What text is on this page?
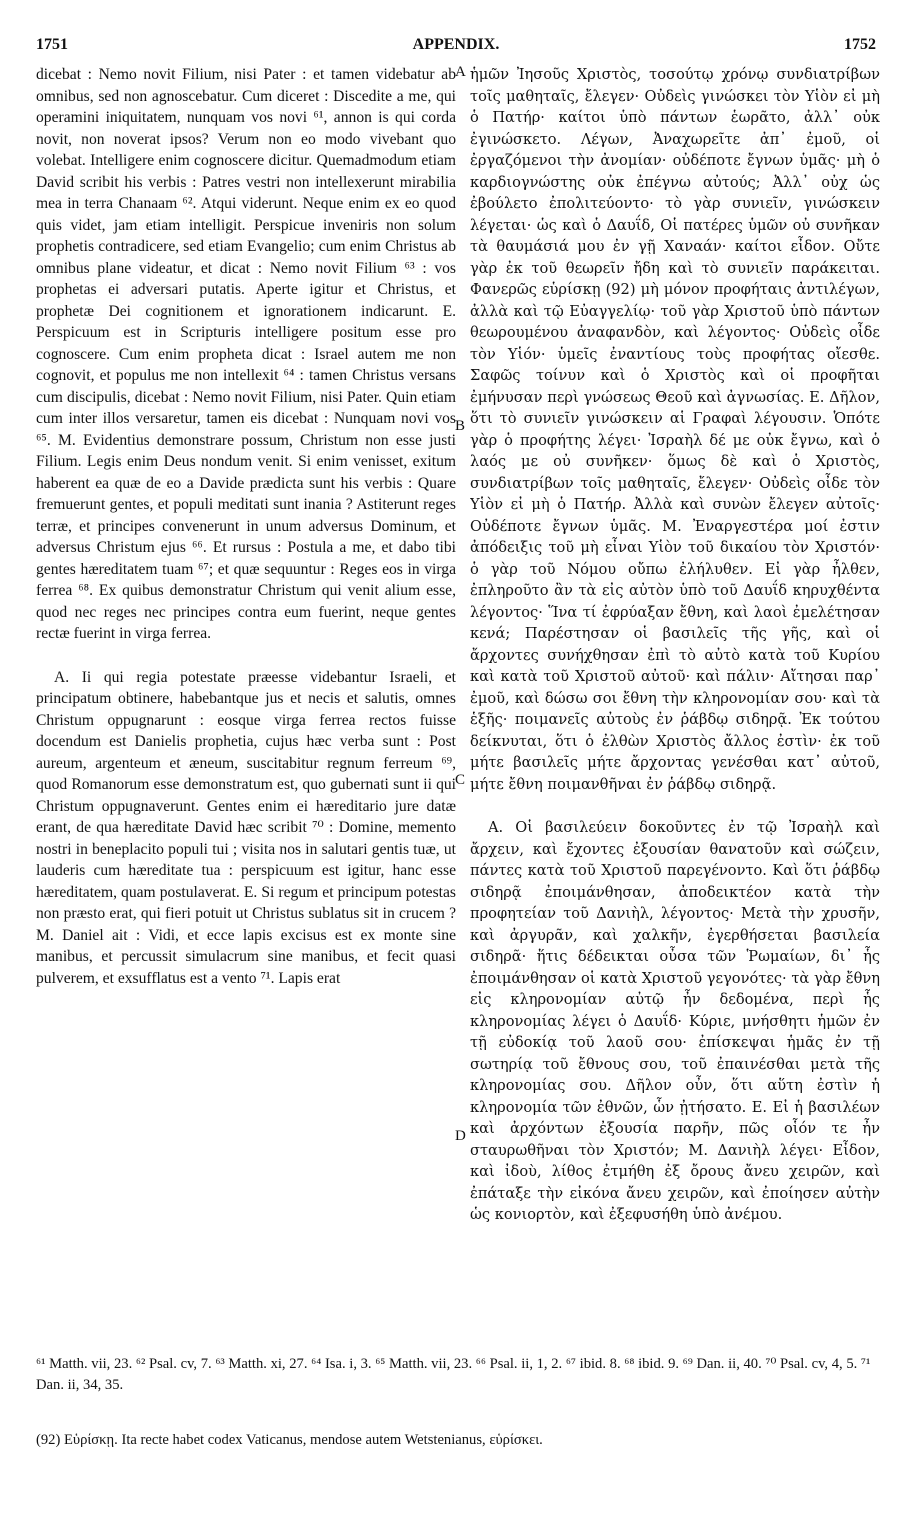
1751	APPENDIX.	1752

dicebat : Nemo novit Filium, nisi Pater : et tamen videbatur ab omnibus, sed non agnoscebatur. Cum diceret : Discedite a me, qui operamini iniquitatem, nunquam vos novi ⁶¹, annon is qui corda novit, non noverat ipsos? Verum non eo modo vivebant quo volebat. Intelligere enim cognoscere dicitur. Quemadmodum etiam David scribit his verbis : Patres vestri non intellexerunt mirabilia mea in terra Chanaam ⁶². Atqui viderunt. Neque enim ex eo quod quis videt, jam etiam intelligit. Perspicue inveniris non solum prophetis contradicere, sed etiam Evangelio; cum enim Christus ab omnibus plane videatur, et dicat : Nemo novit Filium ⁶³ : vos prophetas ei adversari putatis. Aperte igitur et Christus, et prophetæ Dei cognitionem et ignorationem indicarunt. E. Perspicuum est in Scripturis intelligere positum esse pro cognoscere. Cum enim propheta dicat : Israel autem me non cognovit, et populus me non intellexit ⁶⁴ : tamen Christus versans cum discipulis, dicebat : Nemo novit Filium, nisi Pater. Quin etiam cum inter illos versaretur, tamen eis dicebat : Nunquam novi vos ⁶⁵. M. Evidentius demonstrare possum, Christum non esse justi Filium. Legis enim Deus nondum venit. Si enim venisset, exitum haberent ea quæ de eo a Davide prædicta sunt his verbis : Quare fremuerunt gentes, et populi meditati sunt inania ? Astiterunt reges terræ, et principes convenerunt in unum adversus Dominum, et adversus Christum ejus ⁶⁶. Et rursus : Postula a me, et dabo tibi gentes hæreditatem tuam ⁶⁷; et quæ sequuntur : Reges eos in virga ferrea ⁶⁸. Ex quibus demonstratur Christum qui venit alium esse, quod nec reges nec principes contra eum fuerint, neque gentes rectæ fuerint in virga ferrea.

A. Ii qui regia potestate præesse videbantur Israeli, et principatum obtinere, habebantque jus et necis et salutis, omnes Christum oppugnarunt : eosque virga ferrea rectos fuisse docendum est Danielis prophetia, cujus hæc verba sunt : Post aureum, argenteum et æneum, suscitabitur regnum ferreum ⁶⁹, quod Romanorum esse demonstratum est, quo gubernati sunt ii qui Christum oppugnaverunt. Gentes enim ei hæreditario jure datæ erant, de qua hæreditate David hæc scribit ⁷⁰ : Domine, memento nostri in beneplacito populi tui ; visita nos in salutari gentis tuæ, ut lauderis cum hæreditate tua : perspicuum est igitur, hanc esse hæreditatem, quam postulaverat. E. Si regum et principum potestas non præsto erat, qui fieri potuit ut Christus sublatus sit in crucem ? M. Daniel ait : Vidi, et ecce lapis excisus est ex monte sine manibus, et percussit simulacrum sine manibus, et fecit quasi pulverem, et exsufflatus est a vento ⁷¹. Lapis erat

ἡμῶν Ἰησοῦς Χριστὸς, τοσούτῳ χρόνῳ συνδιατρίβων τοῖς μαθηταῖς, ἔλεγεν· Οὐδεὶς γινώσκει τὸν Υἱὸν εἰ μὴ ὁ Πατήρ· καίτοι ὑπὸ πάντων ἑωρᾶτο, ἀλλ᾽ οὐκ ἐγινώσκετο. Λέγων, Ἀναχωρεῖτε ἀπ᾽ ἐμοῦ, οἱ ἐργαζόμενοι τὴν ἀνομίαν· οὐδέποτε ἔγνων ὑμᾶς· μὴ ὁ καρδιογνώστης οὐκ ἐπέγνω αὐτούς; Ἀλλ᾽ οὐχ ὡς ἐβούλετο ἐπολιτεύοντο· τὸ γὰρ συνιεῖν, γινώσκειν λέγεται· ὡς καὶ ὁ Δαυΐδ, Οἱ πατέρες ὑμῶν οὐ συνῆκαν τὰ θαυμάσιά μου ἐν γῇ Χαναάν· καίτοι εἶδον. Οὔτε γὰρ ἐκ τοῦ θεωρεῖν ἤδη καὶ τὸ συνιεῖν παράκειται. Φανερῶς εὑρίσκῃ (92) μὴ μόνον προφήταις ἀντιλέγων, ἀλλὰ καὶ τῷ Εὐαγγελίῳ· τοῦ γὰρ Χριστοῦ ὑπὸ πάντων θεωρουμένου ἀναφανδὸν, καὶ λέγοντος· Οὐδεὶς οἶδε τὸν Υἱόν· ὑμεῖς ἐναντίους τοὺς προφήτας οἴεσθε. Σαφῶς τοίνυν καὶ ὁ Χριστὸς καὶ οἱ προφῆται ἐμήνυσαν περὶ γνώσεως Θεοῦ καὶ ἀγνωσίας. Ε. Δῆλον, ὅτι τὸ συνιεῖν γινώσκειν αἱ Γραφαὶ λέγουσιν. Ὁπότε γὰρ ὁ προφήτης λέγει· Ἰσραὴλ δέ με οὐκ ἔγνω, καὶ ὁ λαός με οὐ συνῆκεν· ὅμως δὲ καὶ ὁ Χριστὸς, συνδιατρίβων τοῖς μαθηταῖς, ἔλεγεν· Οὐδεὶς οἶδε τὸν Υἱὸν εἰ μὴ ὁ Πατήρ. Ἀλλὰ καὶ συνὼν ἔλεγεν αὐτοῖς· Οὐδέποτε ἔγνων ὑμᾶς. Μ. Ἐναργεστέρα μοί ἐστιν ἀπόδειξις τοῦ μὴ εἶναι Υἱὸν τοῦ δικαίου τὸν Χριστόν· ὁ γὰρ τοῦ Νόμου οὔπω ἐλήλυθεν. Εἰ γὰρ ἦλθεν, ἐπληροῦτο ἂν τὰ εἰς αὐτὸν ὑπὸ τοῦ Δαυΐδ κηρυχθέντα λέγοντος· Ἵνα τί ἐφρύαξαν ἔθνη, καὶ λαοὶ ἐμελέτησαν κενά; Παρέστησαν οἱ βασιλεῖς τῆς γῆς, καὶ οἱ ἄρχοντες συνήχθησαν ἐπὶ τὸ αὐτὸ κατὰ τοῦ Κυρίου καὶ κατὰ τοῦ Χριστοῦ αὐτοῦ· καὶ πάλιν· Αἴτησαι παρ᾽ ἐμοῦ, καὶ δώσω σοι ἔθνη τὴν κληρονομίαν σου· καὶ τὰ ἑξῆς· ποιμανεῖς αὐτοὺς ἐν ῥάβδῳ σιδηρᾷ. Ἐκ τούτου δείκνυται, ὅτι ὁ ἐλθὼν Χριστὸς ἄλλος ἐστὶν· ἐκ τοῦ μήτε βασιλεῖς μήτε ἄρχοντας γενέσθαι κατ᾽ αὐτοῦ, μήτε ἔθνη ποιμανθῆναι ἐν ῥάβδῳ σιδηρᾷ.

Α. Οἱ βασιλεύειν δοκοῦντες ἐν τῷ Ἰσραὴλ καὶ ἄρχειν, καὶ ἔχοντες ἐξουσίαν θανατοῦν καὶ σώζειν, πάντες κατὰ τοῦ Χριστοῦ παρεγένοντο. Καὶ ὅτι ῥάβδῳ σιδηρᾷ ἐποιμάνθησαν, ἀποδεικτέον κατὰ τὴν προφητείαν τοῦ Δανιὴλ, λέγοντος· Μετὰ τὴν χρυσῆν, καὶ ἀργυρᾶν, καὶ χαλκῆν, ἐγερθήσεται βασιλεία σιδηρᾶ· ἥτις δέδεικται οὖσα τῶν Ῥωμαίων, δι᾽ ἧς ἐποιμάνθησαν οἱ κατὰ Χριστοῦ γεγονότες· τὰ γὰρ ἔθνη εἰς κληρονομίαν αὐτῷ ἦν δεδομένα, περὶ ἧς κληρονομίας λέγει ὁ Δαυΐδ· Κύριε, μνήσθητι ἡμῶν ἐν τῇ εὐδοκίᾳ τοῦ λαοῦ σου· ἐπίσκεψαι ἡμᾶς ἐν τῇ σωτηρίᾳ τοῦ ἔθνους σου, τοῦ ἐπαινέσθαι μετὰ τῆς κληρονομίας σου. Δῆλον οὖν, ὅτι αὕτη ἐστὶν ἡ κληρονομία τῶν ἐθνῶν, ὧν ᾐτήσατο. Ε. Εἰ ἡ βασιλέων καὶ ἀρχόντων ἐξουσία παρῆν, πῶς οἷόν τε ἦν σταυρωθῆναι τὸν Χριστόν; Μ. Δανιὴλ λέγει· Εἶδον, καὶ ἰδοὺ, λίθος ἐτμήθη ἐξ ὄρους ἄνευ χειρῶν, καὶ ἐπάταξε τὴν εἰκόνα ἄνευ χειρῶν, καὶ ἐποίησεν αὐτὴν ὡς κονιορτὸν, καὶ ἐξεφυσήθη ὑπὸ ἀνέμου.

A
B
C
D
⁶¹ Matth. vii, 23. ⁶² Psal. cv, 7. ⁶³ Matth. xi, 27. ⁶⁴ Isa. i, 3. ⁶⁵ Matth. vii, 23. ⁶⁶ Psal. ii, 1, 2. ⁶⁷ ibid. 8. ⁶⁸ ibid. 9. ⁶⁹ Dan. ii, 40. ⁷⁰ Psal. cv, 4, 5. ⁷¹ Dan. ii, 34, 35.
(92) Εὑρίσκῃ. Ita recte habet codex Vaticanus, mendose autem Wetstenianus, εὑρίσκει.
